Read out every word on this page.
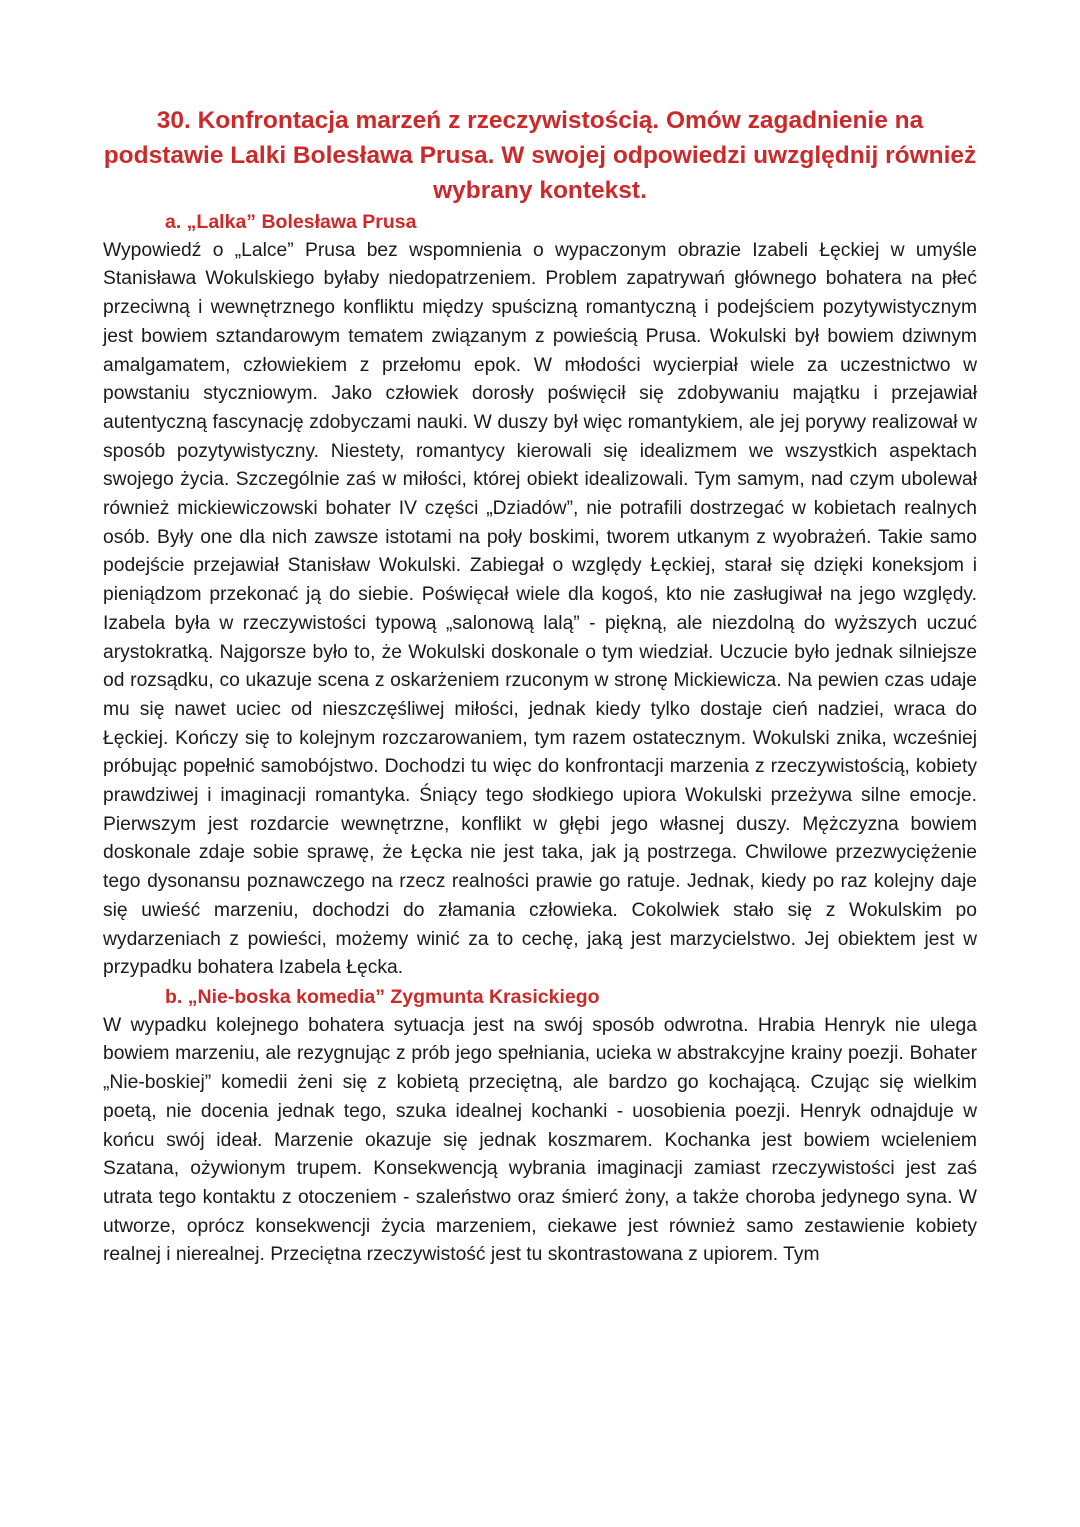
30. Konfrontacja marzeń z rzeczywistością. Omów zagadnienie na podstawie Lalki Bolesława Prusa. W swojej odpowiedzi uwzględnij również wybrany kontekst.
a. „Lalka” Bolesława Prusa

Wypowiedź o „Lalce” Prusa bez wspomnienia o wypaczonym obrazie Izabeli Łęckiej w umyśle Stanisława Wokulskiego byłaby niedopatrzeniem. Problem zapatrywań głównego bohatera na płeć przeciwną i wewnętrznego konfliktu między spuścizną romantyczną i podejściem pozytywistycznym jest bowiem sztandarowym tematem związanym z powieścią Prusa. Wokulski był bowiem dziwnym amalgamatem, człowiekiem z przełomu epok. W młodości wycierpiał wiele za uczestnictwo w powstaniu styczniowym. Jako człowiek dorosły poświęcił się zdobywaniu majątku i przejawiał autentyczną fascynację zdobyczami nauki. W duszy był więc romantykiem, ale jej porywy realizował w sposób pozytywistyczny. Niestety, romantycy kierowali się idealizmem we wszystkich aspektach swojego życia. Szczególnie zaś w miłości, której obiekt idealizowali. Tym samym, nad czym ubolewał również mickiewiczowski bohater IV części „Dziadów”, nie potrafili dostrzegać w kobietach realnych osób. Były one dla nich zawsze istotami na poły boskimi, tworem utkanym z wyobrażeń. Takie samo podejście przejawiał Stanisław Wokulski. Zabiegał o względy Łęckiej, starał się dzięki koneksjom i pieniądzom przekonać ją do siebie. Poświęcał wiele dla kogoś, kto nie zasługiwał na jego względy. Izabela była w rzeczywistości typową „salonową lalą” - piękną, ale niezdolną do wyższych uczuć arystokratką. Najgorsze było to, że Wokulski doskonale o tym wiedział. Uczucie było jednak silniejsze od rozsądku, co ukazuje scena z oskarżeniem rzuconym w stronę Mickiewicza. Na pewien czas udaje mu się nawet uciec od nieszczęśliwej miłości, jednak kiedy tylko dostaje cień nadziei, wraca do Łęckiej. Kończy się to kolejnym rozczarowaniem, tym razem ostatecznym. Wokulski znika, wcześniej próbując popełnić samobójstwo. Dochodzi tu więc do konfrontacji marzenia z rzeczywistością, kobiety prawdziwej i imaginacji romantyka. Śniący tego słodkiego upiora Wokulski przeżywa silne emocje. Pierwszym jest rozdarcie wewnętrzne, konflikt w głębi jego własnej duszy. Mężczyzna bowiem doskonale zdaje sobie sprawę, że Łęcka nie jest taka, jak ją postrzega. Chwilowe przezwyciężenie tego dysonansu poznawczego na rzecz realności prawie go ratuje. Jednak, kiedy po raz kolejny daje się uwieść marzeniu, dochodzi do złamania człowieka. Cokolwiek stało się z Wokulskim po wydarzeniach z powieści, możemy winić za to cechę, jaką jest marzycielstwo. Jej obiektem jest w przypadku bohatera Izabela Łęcka.

b. „Nie-boska komedia” Zygmunta Krasickiego

W wypadku kolejnego bohatera sytuacja jest na swój sposób odwrotna. Hrabia Henryk nie ulega bowiem marzeniu, ale rezygnując z prób jego spełniania, ucieka w abstrakcyjne krainy poezji. Bohater „Nie-boskiej” komedii żeni się z kobietą przeciętną, ale bardzo go kochającą. Czując się wielkim poetą, nie docenia jednak tego, szuka idealnej kochanki - uosobienia poezji. Henryk odnajduje w końcu swój ideał. Marzenie okazuje się jednak koszmarem. Kochanka jest bowiem wcieleniem Szatana, ożywionym trupem. Konsekwencją wybrania imaginacji zamiast rzeczywistości jest zaś utrata tego kontaktu z otoczeniem - szaleństwo oraz śmierć żony, a także choroba jedynego syna. W utworze, oprócz konsekwencji życia marzeniem, ciekawe jest również samo zestawienie kobiety realnej i nierealnej. Przeciętna rzeczywistość jest tu skontrastowana z upiorem. Tym
